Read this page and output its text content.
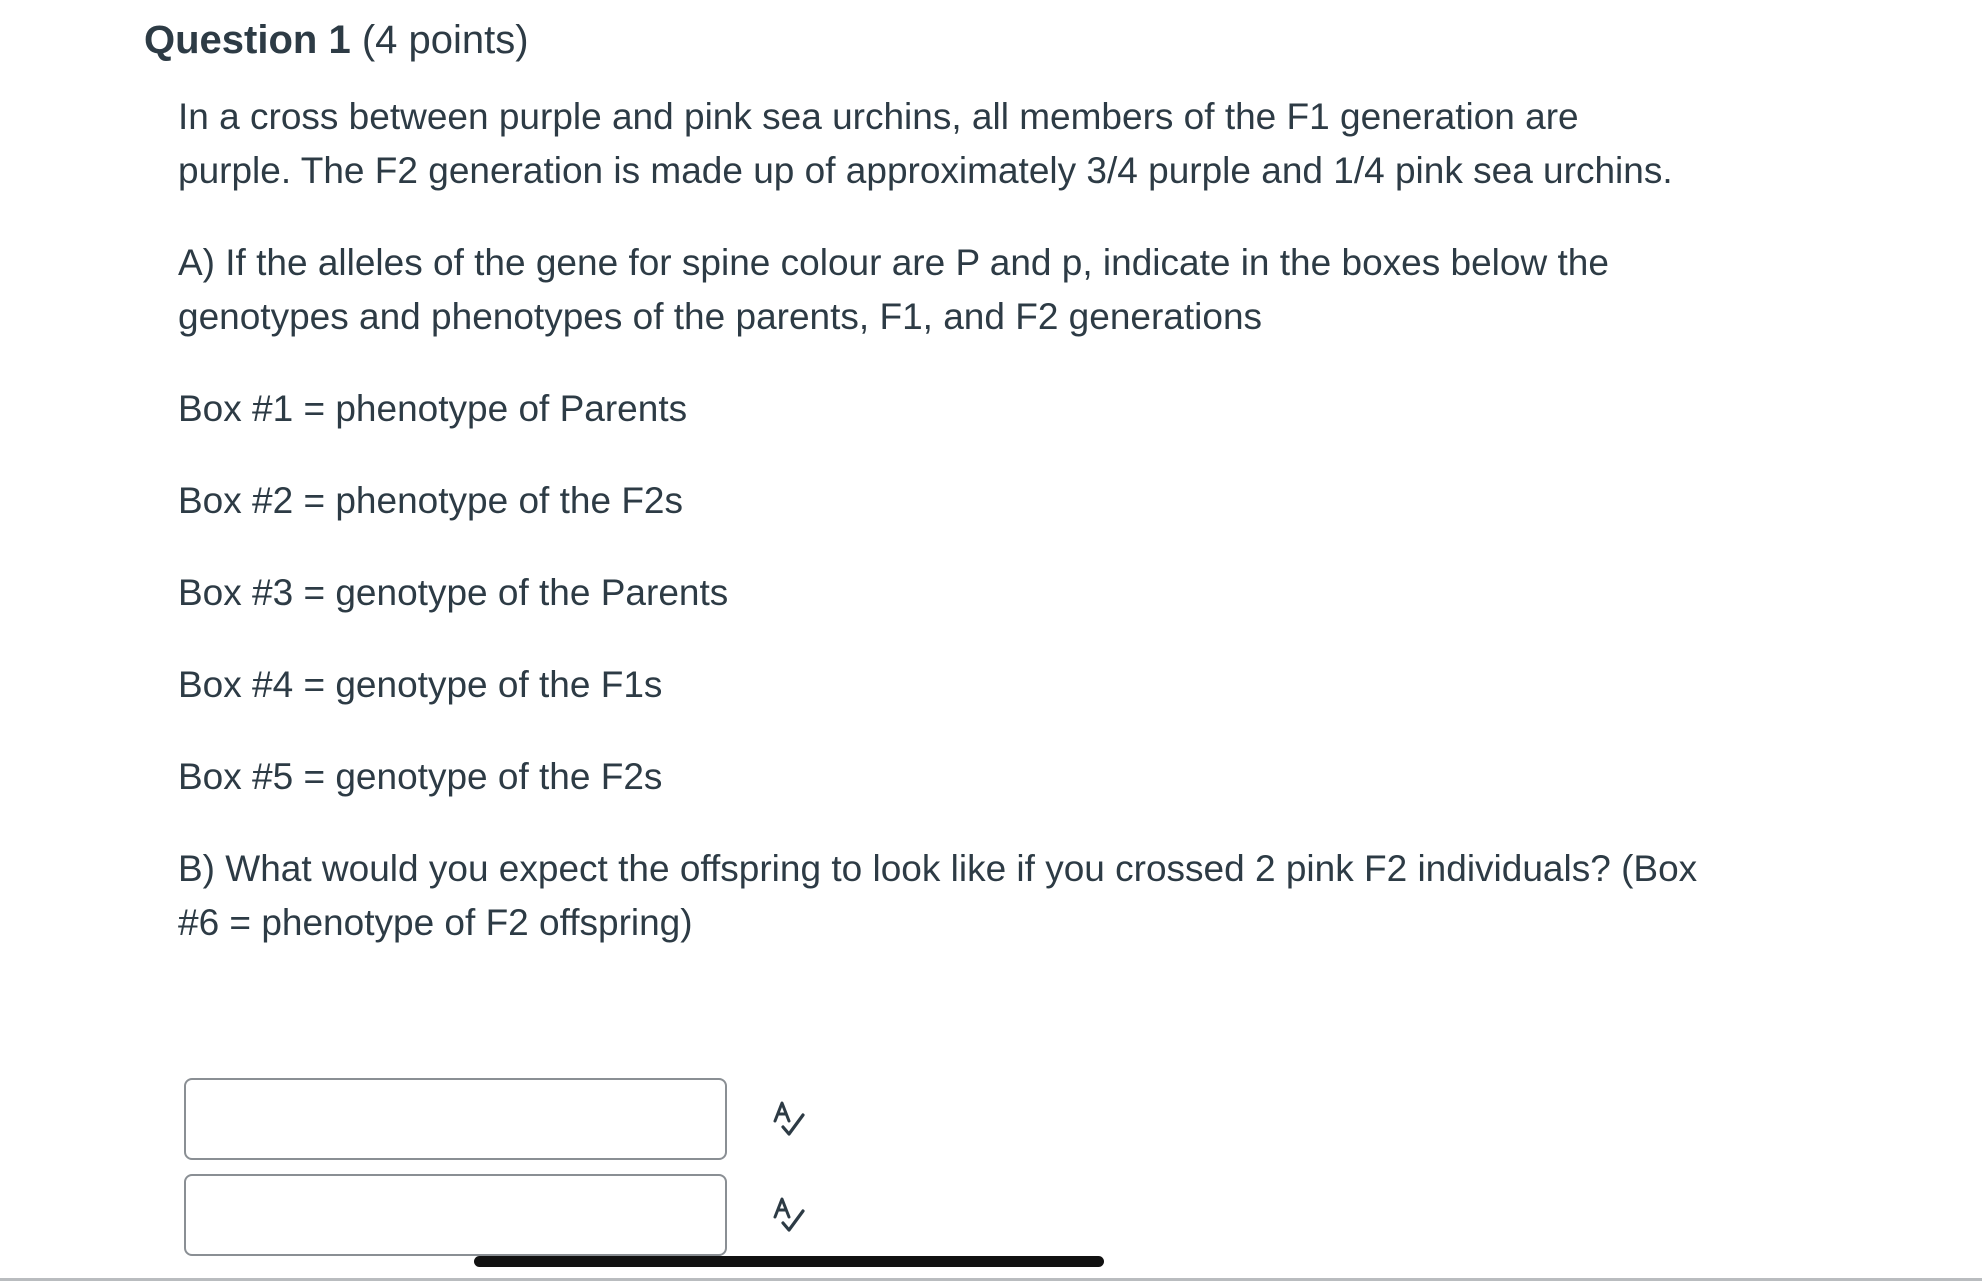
Question 1 (4 points)

In a cross between purple and pink sea urchins, all members of the F1 generation are purple. The F2 generation is made up of approximately 3/4 purple and 1/4 pink sea urchins.

A) If the alleles of the gene for spine colour are P and p, indicate in the boxes below the genotypes and phenotypes of the parents, F1, and F2 generations

Box #1 = phenotype of Parents

Box #2 = phenotype of the F2s

Box #3 = genotype of the Parents

Box #4 = genotype of the F1s

Box #5 = genotype of the F2s

B) What would you expect the offspring to look like if you crossed 2 pink F2 individuals? (Box #6 = phenotype of F2 offspring)
